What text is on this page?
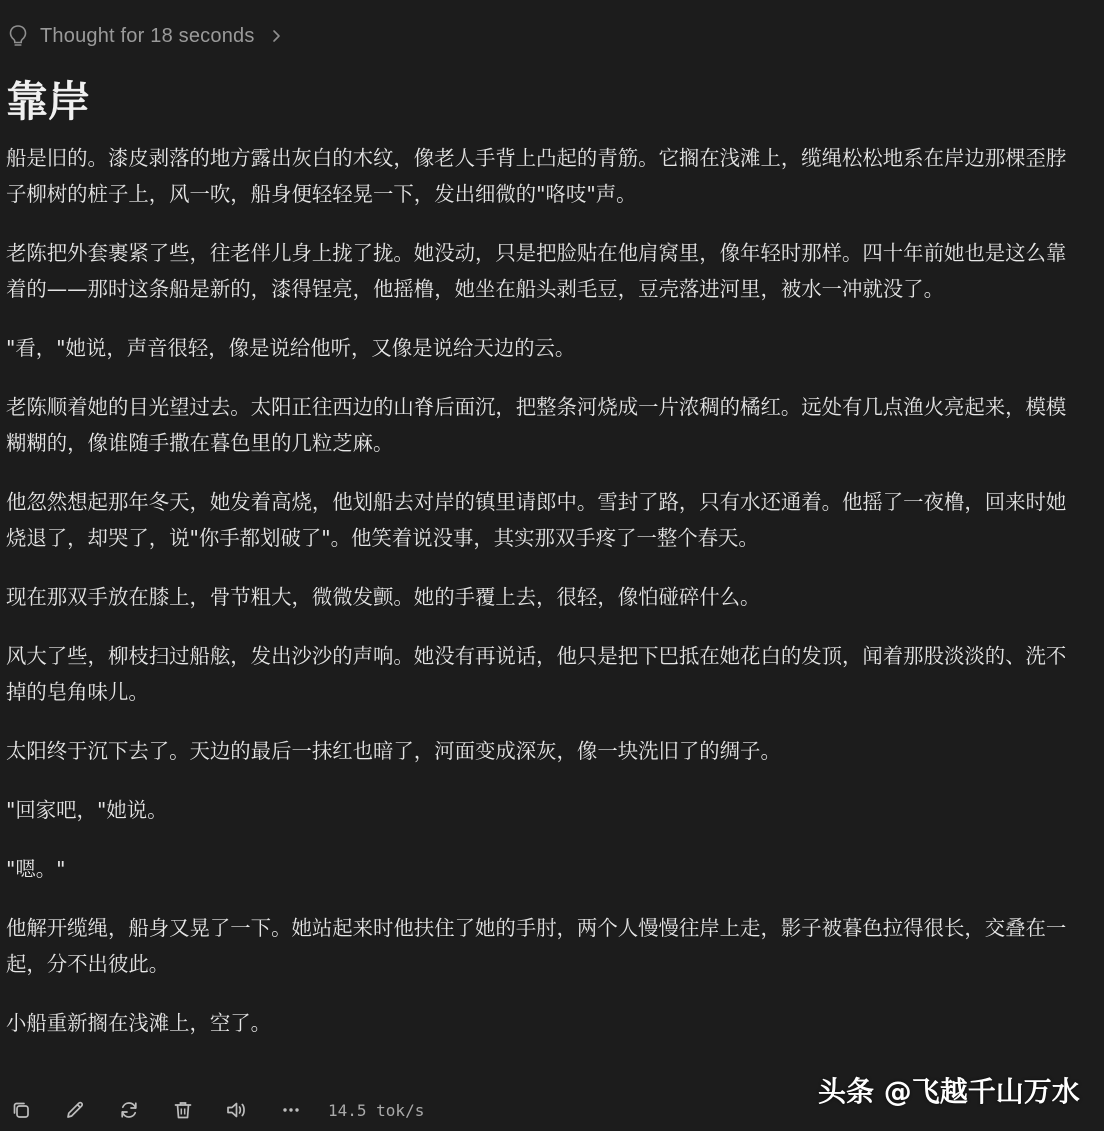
Thought for 18 seconds
靠岸

船是旧的。漆皮剥落的地方露出灰白的木纹，像老人手背上凸起的青筋。它搁在浅滩上，缆绳松松地系在岸边那棵歪脖子柳树的桩子上，风一吹，船身便轻轻晃一下，发出细微的"咯吱"声。

老陈把外套裹紧了些，往老伴儿身上拢了拢。她没动，只是把脸贴在他肩窝里，像年轻时那样。四十年前她也是这么靠着的——那时这条船是新的，漆得锃亮，他摇橹，她坐在船头剥毛豆，豆壳落进河里，被水一冲就没了。

"看，"她说，声音很轻，像是说给他听，又像是说给天边的云。

老陈顺着她的目光望过去。太阳正往西边的山脊后面沉，把整条河烧成一片浓稠的橘红。远处有几点渔火亮起来，模模糊糊的，像谁随手撒在暮色里的几粒芝麻。

他忽然想起那年冬天，她发着高烧，他划船去对岸的镇里请郎中。雪封了路，只有水还通着。他摇了一夜橹，回来时她烧退了，却哭了，说"你手都划破了"。他笑着说没事，其实那双手疼了一整个春天。

现在那双手放在膝上，骨节粗大，微微发颤。她的手覆上去，很轻，像怕碰碎什么。

风大了些，柳枝扫过船舷，发出沙沙的声响。她没有再说话，他只是把下巴抵在她花白的发顶，闻着那股淡淡的、洗不掉的皂角味儿。

太阳终于沉下去了。天边的最后一抹红也暗了，河面变成深灰，像一块洗旧了的绸子。

"回家吧，"她说。

"嗯。"

他解开缆绳，船身又晃了一下。她站起来时他扶住了她的手肘，两个人慢慢往岸上走，影子被暮色拉得很长，交叠在一起，分不出彼此。

小船重新搁在浅滩上，空了。

14.5 tok/s
头条 @飞越千山万水
